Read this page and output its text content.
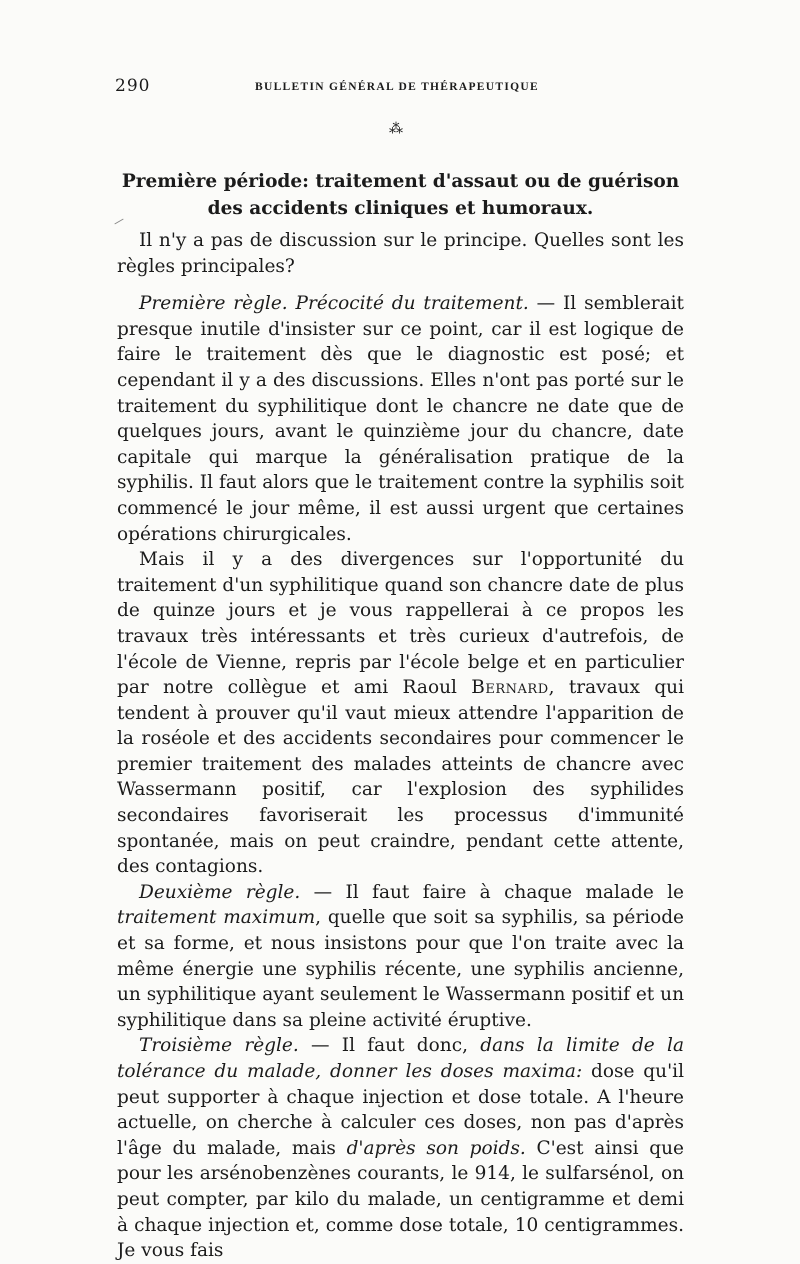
290	BULLETIN GÉNÉRAL DE THÉRAPEUTIQUE
⁂
Première période: traitement d'assaut ou de guérison des accidents cliniques et humoraux.

Il n'y a pas de discussion sur le principe. Quelles sont les règles principales?

Première règle. Précocité du traitement. — Il semblerait presque inutile d'insister sur ce point, car il est logique de faire le traitement dès que le diagnostic est posé; et cependant il y a des discussions. Elles n'ont pas porté sur le traitement du syphilitique dont le chancre ne date que de quelques jours, avant le quinzième jour du chancre, date capitale qui marque la généralisation pratique de la syphilis. Il faut alors que le traitement contre la syphilis soit commencé le jour même, il est aussi urgent que certaines opérations chirurgicales.

Mais il y a des divergences sur l'opportunité du traitement d'un syphilitique quand son chancre date de plus de quinze jours et je vous rappellerai à ce propos les travaux très intéressants et très curieux d'autrefois, de l'école de Vienne, repris par l'école belge et en particulier par notre collègue et ami Raoul Bernard, travaux qui tendent à prouver qu'il vaut mieux attendre l'apparition de la roséole et des accidents secondaires pour commencer le premier traitement des malades atteints de chancre avec Wassermann positif, car l'explosion des syphilides secondaires favoriserait les processus d'immunité spontanée, mais on peut craindre, pendant cette attente, des contagions.

Deuxième règle. — Il faut faire à chaque malade le traitement maximum, quelle que soit sa syphilis, sa période et sa forme, et nous insistons pour que l'on traite avec la même énergie une syphilis récente, une syphilis ancienne, un syphilitique ayant seulement le Wassermann positif et un syphilitique dans sa pleine activité éruptive.

Troisième règle. — Il faut donc, dans la limite de la tolérance du malade, donner les doses maxima: dose qu'il peut supporter à chaque injection et dose totale. A l'heure actuelle, on cherche à calculer ces doses, non pas d'après l'âge du malade, mais d'après son poids. C'est ainsi que pour les arsénobenzènes courants, le 914, le sulfarsénol, on peut compter, par kilo du malade, un centigramme et demi à chaque injection et, comme dose totale, 10 centigrammes. Je vous fais
